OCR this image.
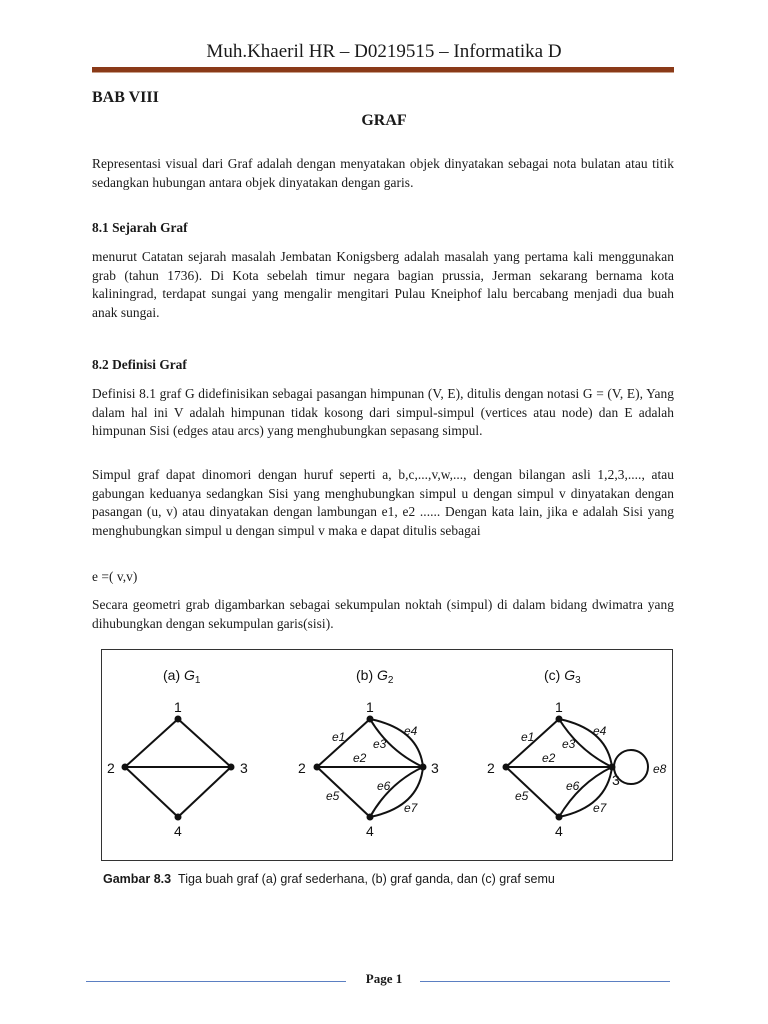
Muh.Khaeril HR – D0219515 – Informatika D
BAB VIII
GRAF
Representasi visual dari Graf adalah dengan menyatakan objek dinyatakan sebagai nota bulatan atau titik sedangkan hubungan antara objek dinyatakan dengan garis.
8.1 Sejarah Graf
menurut Catatan sejarah masalah Jembatan Konigsberg adalah masalah yang pertama kali menggunakan grab (tahun 1736). Di Kota sebelah timur negara bagian prussia, Jerman sekarang bernama kota kaliningrad, terdapat sungai yang mengalir mengitari Pulau Kneiphof lalu bercabang menjadi dua buah anak sungai.
8.2 Definisi Graf
Definisi 8.1 graf G didefinisikan sebagai pasangan himpunan (V, E), ditulis dengan notasi G = (V, E), Yang dalam hal ini V adalah himpunan tidak kosong dari simpul-simpul (vertices atau node) dan E adalah himpunan Sisi (edges atau arcs) yang menghubungkan sepasang simpul.
Simpul graf dapat dinomori dengan huruf seperti a, b,c,...,v,w,..., dengan bilangan asli 1,2,3,...., atau gabungan keduanya sedangkan Sisi yang menghubungkan simpul u dengan simpul v dinyatakan dengan pasangan (u, v) atau dinyatakan dengan lambungan e1, e2 ...... Dengan kata lain, jika e adalah Sisi yang menghubungkan simpul u dengan simpul v maka e dapat ditulis sebagai
e =( v,v)
Secara geometri grab digambarkan sebagai sekumpulan noktah (simpul) di dalam bidang dwimatra yang dihubungkan dengan sekumpulan garis(sisi).
(a) $G_1$	(b) $G_2$	(c) $G_3$
1
2	3
4
1
2	3
4
1
2
3
4
e1
e2
e3
e4
e5
e6
e7
e1
e2
e3
e4
e5
e6
e7
e8
Gambar 8.3 Tiga buah graf (a) graf sederhana, (b) graf ganda, dan (c) graf semu
Page 1
